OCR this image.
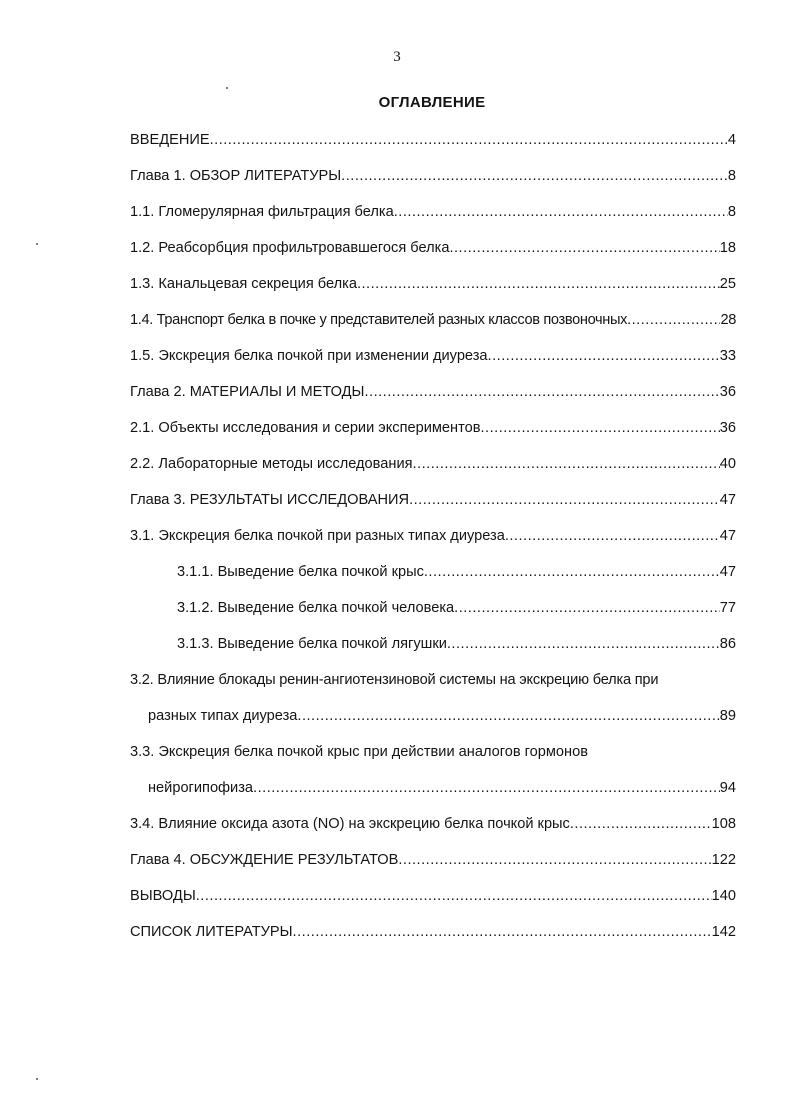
3
ОГЛАВЛЕНИЕ
ВВЕДЕНИЕ .....	4
Глава 1. ОБЗОР ЛИТЕРАТУРЫ .....	8
1.1. Гломерулярная фильтрация белка .....	8
1.2. Реабсорбция профильтровавшегося белка .....	18
1.3. Канальцевая секреция белка .....	25
1.4. Транспорт белка в почке у представителей разных классов позвоночных .....	28
1.5. Экскреция белка почкой при изменении диуреза .....	33
Глава 2. МАТЕРИАЛЫ И МЕТОДЫ .....	36
2.1. Объекты исследования и серии экспериментов .....	36
2.2. Лабораторные методы исследования .....	40
Глава 3. РЕЗУЛЬТАТЫ ИССЛЕДОВАНИЯ .....	47
3.1. Экскреция белка почкой при разных типах диуреза .....	47
3.1.1. Выведение белка почкой крыс .....	47
3.1.2. Выведение белка почкой человека .....	77
3.1.3. Выведение белка почкой лягушки .....	86
3.2. Влияние блокады ренин-ангиотензиновой системы на экскрецию белка при
разных типах диуреза .....	89
3.3. Экскреция белка почкой крыс при действии аналогов гормонов
нейрогипофиза .....	94
3.4. Влияние оксида азота (NO) на экскрецию белка почкой крыс .....	108
Глава 4. ОБСУЖДЕНИЕ РЕЗУЛЬТАТОВ .....	122
ВЫВОДЫ .....	140
СПИСОК ЛИТЕРАТУРЫ .....	142
